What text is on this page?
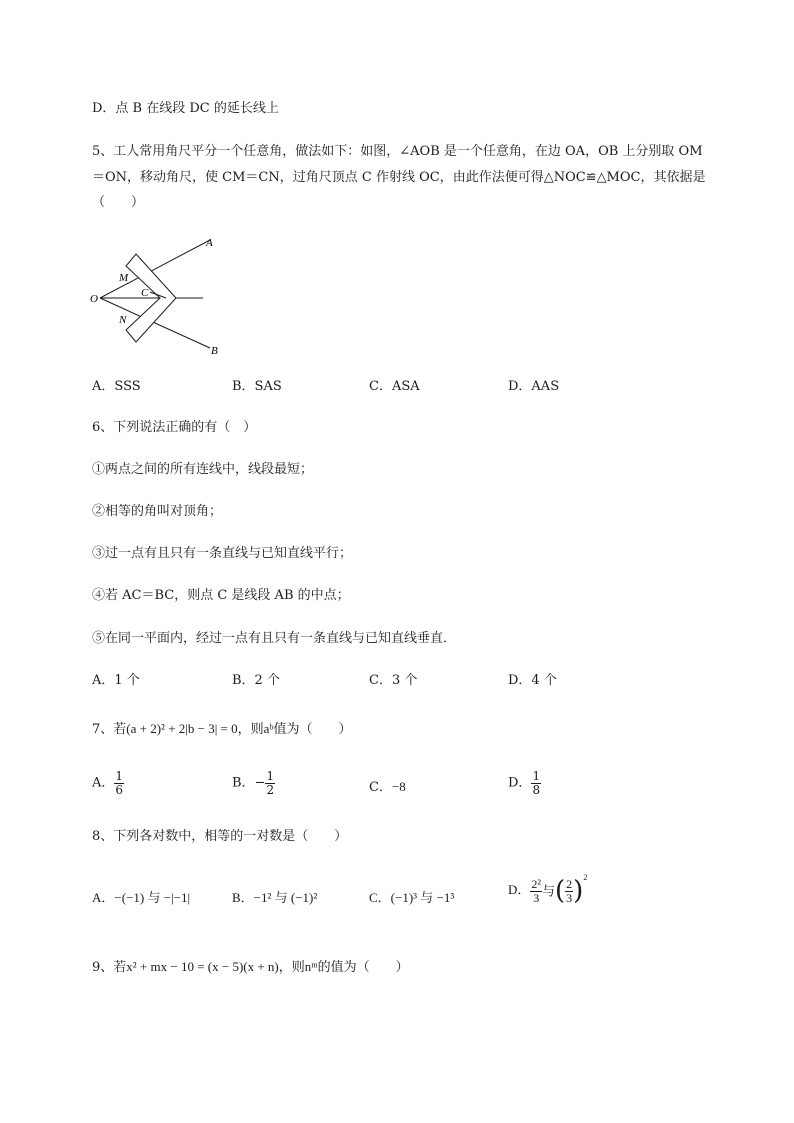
D．点 B 在线段 DC 的延长线上
5、工人常用角尺平分一个任意角，做法如下：如图，∠AOB 是一个任意角，在边 OA，OB 上分别取 OM
＝ON，移动角尺，使 CM＝CN，过角尺顶点 C 作射线 OC，由此作法便可得△NOC≌△MOC，其依据是
（　　）
A
B
O
M
N
C
A．SSS	B．SAS	C．ASA	D．AAS
6、下列说法正确的有（　）
①两点之间的所有连线中，线段最短；
②相等的角叫对顶角；
③过一点有且只有一条直线与已知直线平行；
④若 AC＝BC，则点 C 是线段 AB 的中点；
⑤在同一平面内，经过一点有且只有一条直线与已知直线垂直．
A．1 个	B．2 个	C．3 个	D．4 个
7、若(a + 2)² + 2|b − 3| = 0，则aᵇ值为（　　）
A． $\frac{1}{6}$	B．− $\frac{1}{2}$	C．−8	D． $\frac{1}{8}$
8、下列各对数中，相等的一对数是（　　）
A．−(−1) 与 −|−1|	B．−1² 与 (−1)²	C．(−1)³ 与 −1³
D． $\frac{\text{2²}}{3}$ 与( $\frac{2}{3} )^2$
9、若x² + mx − 10 = (x − 5)(x + n)，则nᵐ的值为（　　）
